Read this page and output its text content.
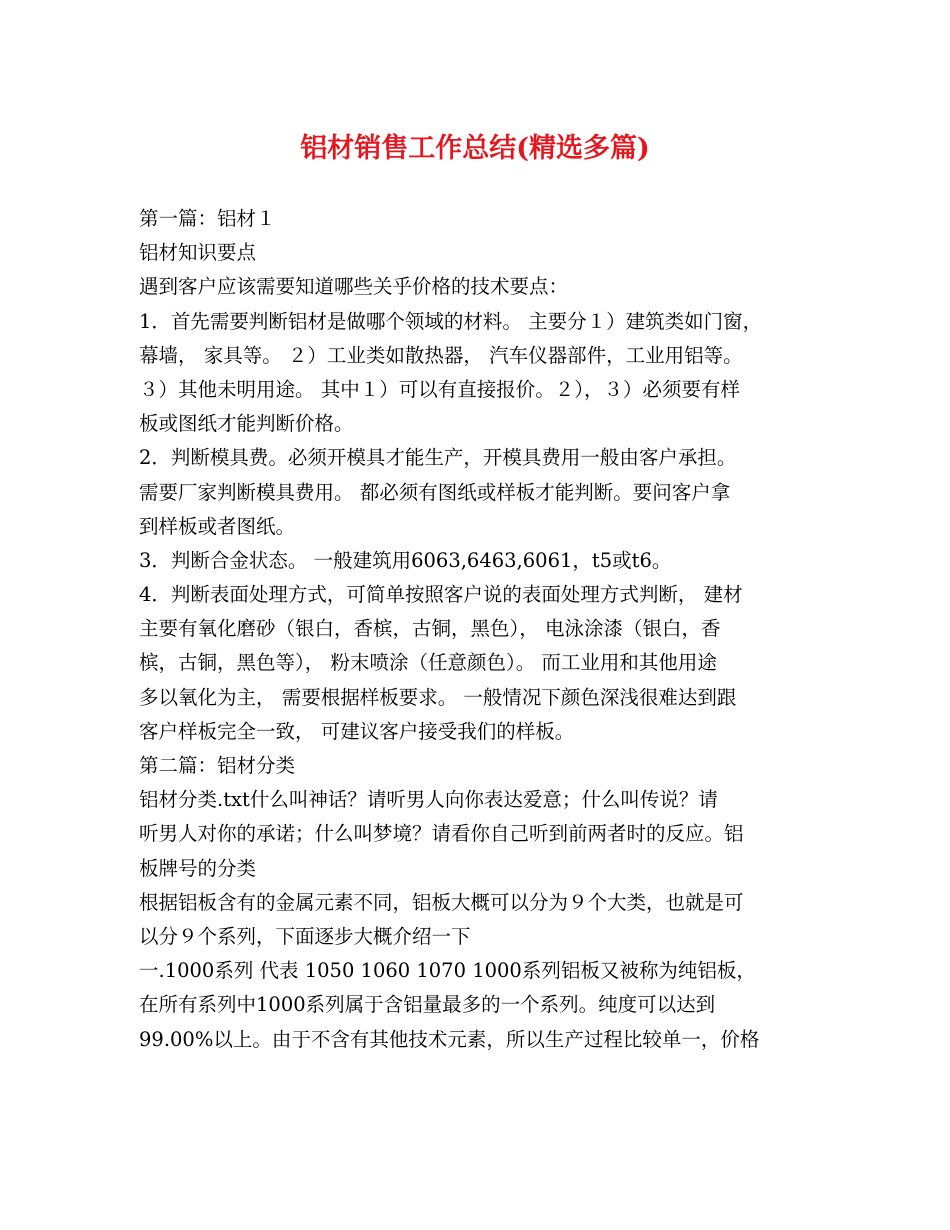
铝材销售工作总结(精选多篇)

第一篇：铝材１

铝材知识要点

遇到客户应该需要知道哪些关乎价格的技术要点：

1．首先需要判断铝材是做哪个领域的材料。 主要分１）建筑类如门窗，

幕墙， 家具等。 ２）工业类如散热器， 汽车仪器部件，工业用铝等。

３）其他未明用途。 其中１）可以有直接报价。２），３）必须要有样

板或图纸才能判断价格。

2．判断模具费。必须开模具才能生产，开模具费用一般由客户承担。

需要厂家判断模具费用。 都必须有图纸或样板才能判断。要问客户拿

到样板或者图纸。

3．判断合金状态。 一般建筑用6063,6463,6061，t5或t6。

4．判断表面处理方式，可简单按照客户说的表面处理方式判断， 建材

主要有氧化磨砂（银白，香槟，古铜，黑色）， 电泳涂漆（银白，香

槟，古铜，黑色等）， 粉末喷涂（任意颜色）。 而工业用和其他用途

多以氧化为主， 需要根据样板要求。 一般情况下颜色深浅很难达到跟

客户样板完全一致， 可建议客户接受我们的样板。

第二篇：铝材分类

铝材分类.txt什么叫神话？请听男人向你表达爱意；什么叫传说？请

听男人对你的承诺；什么叫梦境？请看你自己听到前两者时的反应。铝

板牌号的分类

根据铝板含有的金属元素不同，铝板大概可以分为９个大类，也就是可

以分９个系列，下面逐步大概介绍一下

一.1000系列 代表 1050 1060 1070 1000系列铝板又被称为纯铝板，

在所有系列中1000系列属于含铝量最多的一个系列。纯度可以达到

99.00%以上。由于不含有其他技术元素，所以生产过程比较单一，价格
